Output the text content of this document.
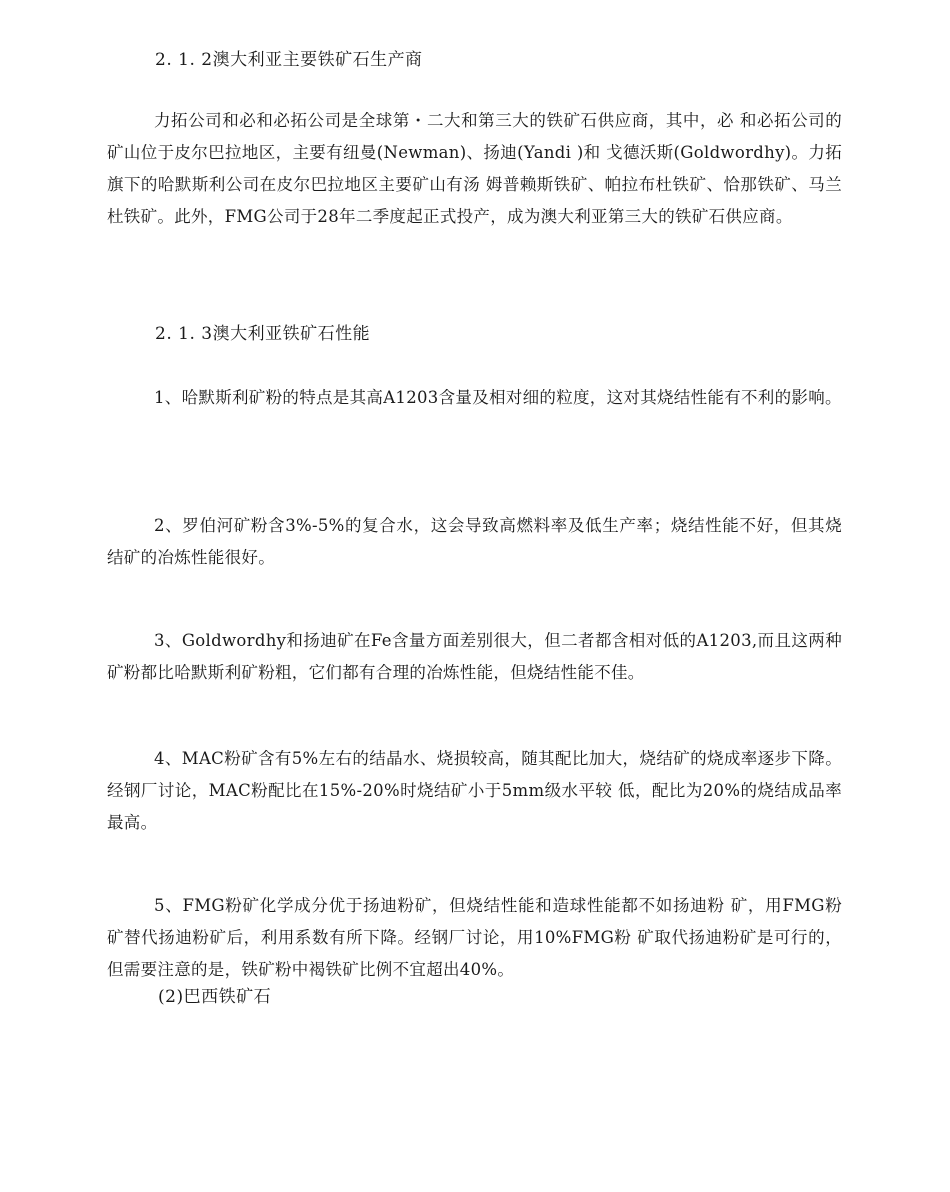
2. 1. 2澳大利亚主要铁矿石生产商
力拓公司和必和必拓公司是全球第・二大和第三大的铁矿石供应商，其中，必 和必拓公司的矿山位于皮尔巴拉地区，主要有纽曼(Newman)、扬迪(Yandi )和 戈德沃斯(Goldwordhy)。力拓旗下的哈默斯利公司在皮尔巴拉地区主要矿山有汤 姆普赖斯铁矿、帕拉布杜铁矿、恰那铁矿、马兰杜铁矿。此外，FMG公司于28年二季度起正式投产，成为澳大利亚第三大的铁矿石供应商。
2. 1. 3澳大利亚铁矿石性能
1、哈默斯利矿粉的特点是其高A1203含量及相对细的粒度，这对其烧结性能有不利的影响。
2、罗伯河矿粉含3%-5%的复合水，这会导致高燃料率及低生产率；烧结性能不好，但其烧结矿的冶炼性能很好。
3、Goldwordhy和扬迪矿在Fe含量方面差别很大，但二者都含相对低的A1203,而且这两种矿粉都比哈默斯利矿粉粗，它们都有合理的冶炼性能，但烧结性能不佳。
4、MAC粉矿含有5%左右的结晶水、烧损较高，随其配比加大，烧结矿的烧成率逐步下降。经钢厂讨论，MAC粉配比在15%-20%时烧结矿小于5mm级水平较 低，配比为20%的烧结成品率最高。
5、FMG粉矿化学成分优于扬迪粉矿，但烧结性能和造球性能都不如扬迪粉 矿，用FMG粉矿替代扬迪粉矿后，利用系数有所下降。经钢厂讨论，用10%FMG粉 矿取代扬迪粉矿是可行的，但需要注意的是，铁矿粉中褐铁矿比例不宜超出40%。
(2)巴西铁矿石
